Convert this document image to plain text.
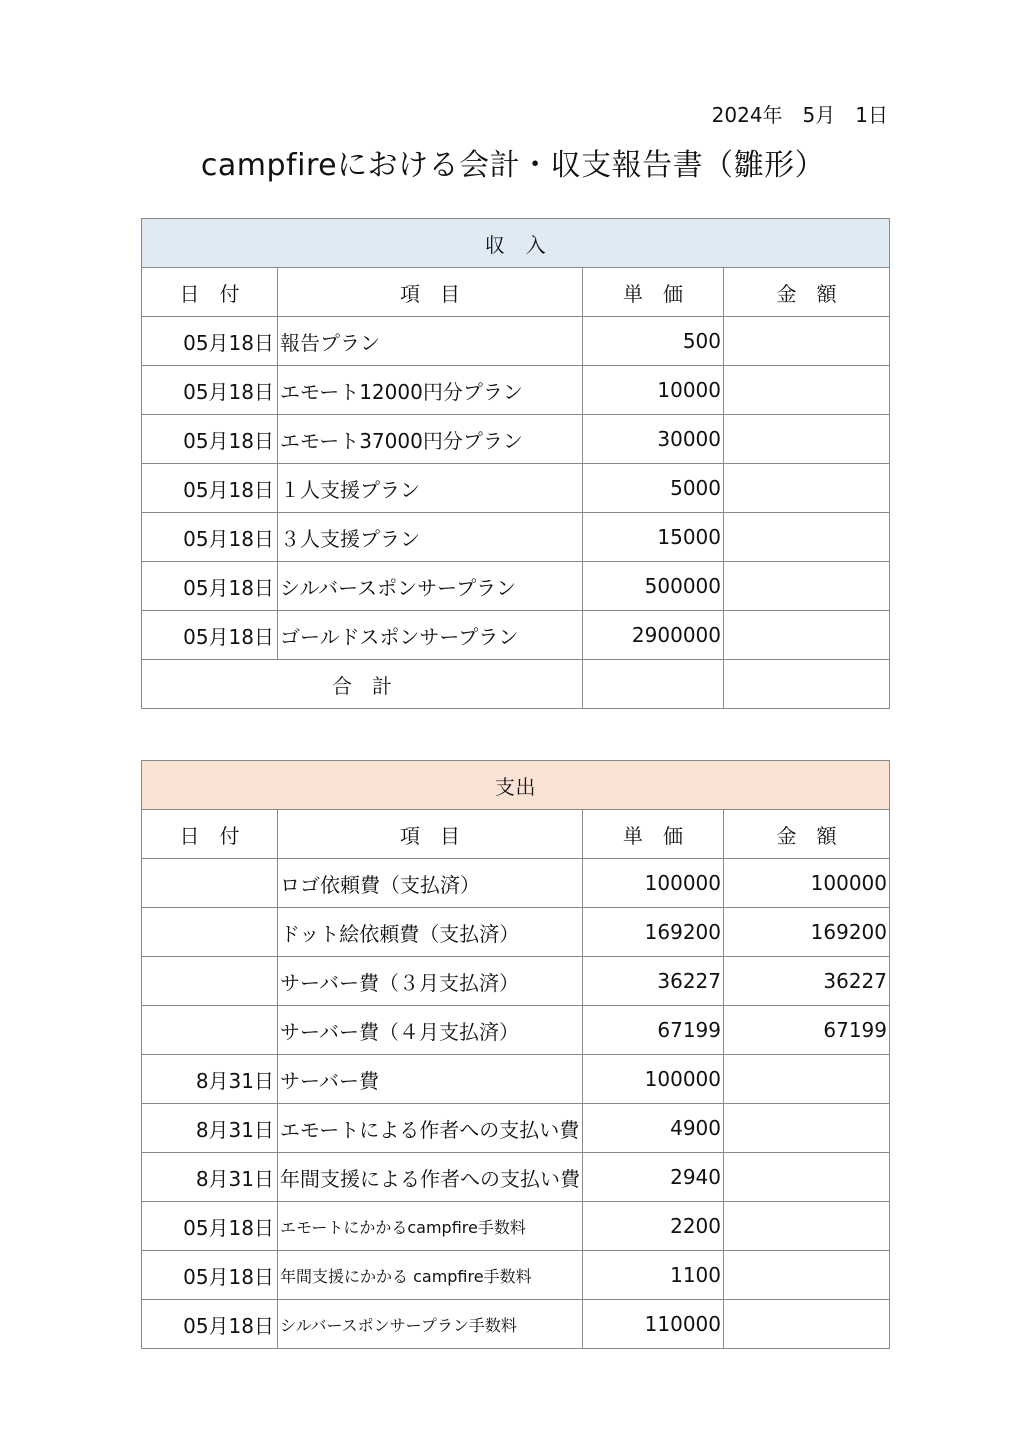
2024年　5月　1日
campfireにおける会計・収支報告書（雛形）
収　入			
日　付	項　目	単　価	金　額
05月18日	報告プラン	500	
05月18日	エモート12000円分プラン	10000	
05月18日	エモート37000円分プラン	30000	
05月18日	１人支援プラン	5000	
05月18日	３人支援プラン	15000	
05月18日	シルバースポンサープラン	500000	
05月18日	ゴールドスポンサープラン	2900000	
合　計			
支出			
日　付	項　目	単　価	金　額
	ロゴ依頼費（支払済）	100000	100000
	ドット絵依頼費（支払済）	169200	169200
	サーバー費（３月支払済）	36227	36227
	サーバー費（４月支払済）	67199	67199
8月31日	サーバー費	100000	
8月31日	エモートによる作者への支払い費	4900	
8月31日	年間支援による作者への支払い費	2940	
05月18日	エモートにかかるcampfire手数料	2200	
05月18日	年間支援にかかる campfire手数料	1100	
05月18日	シルバースポンサープラン手数料	110000	
